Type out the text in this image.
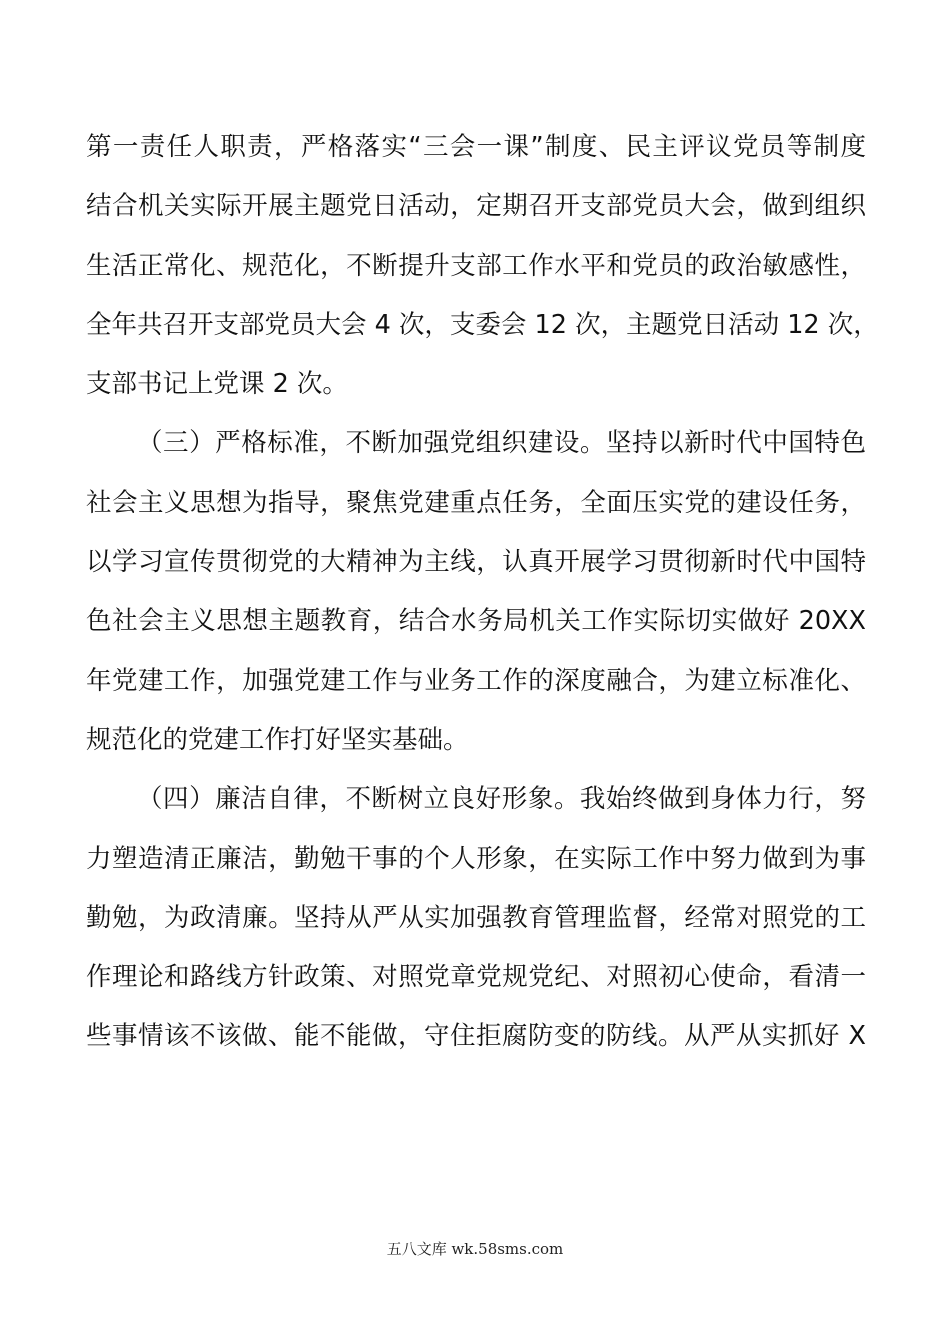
第一责任人职责，严格落实“三会一课”制度、民主评议党员等制度
结合机关实际开展主题党日活动，定期召开支部党员大会，做到组织
生活正常化、规范化，不断提升支部工作水平和党员的政治敏感性，
全年共召开支部党员大会 4 次，支委会 12 次，主题党日活动 12 次，
支部书记上党课 2 次。
（三）严格标准，不断加强党组织建设。坚持以新时代中国特色
社会主义思想为指导，聚焦党建重点任务，全面压实党的建设任务，
以学习宣传贯彻党的大精神为主线，认真开展学习贯彻新时代中国特
色社会主义思想主题教育，结合水务局机关工作实际切实做好 20XX
年党建工作，加强党建工作与业务工作的深度融合，为建立标准化、
规范化的党建工作打好坚实基础。
（四）廉洁自律，不断树立良好形象。我始终做到身体力行，努
力塑造清正廉洁，勤勉干事的个人形象，在实际工作中努力做到为事
勤勉，为政清廉。坚持从严从实加强教育管理监督，经常对照党的工
作理论和路线方针政策、对照党章党规党纪、对照初心使命，看清一
些事情该不该做、能不能做，守住拒腐防变的防线。从严从实抓好 X
五八文库 wk.58sms.com
